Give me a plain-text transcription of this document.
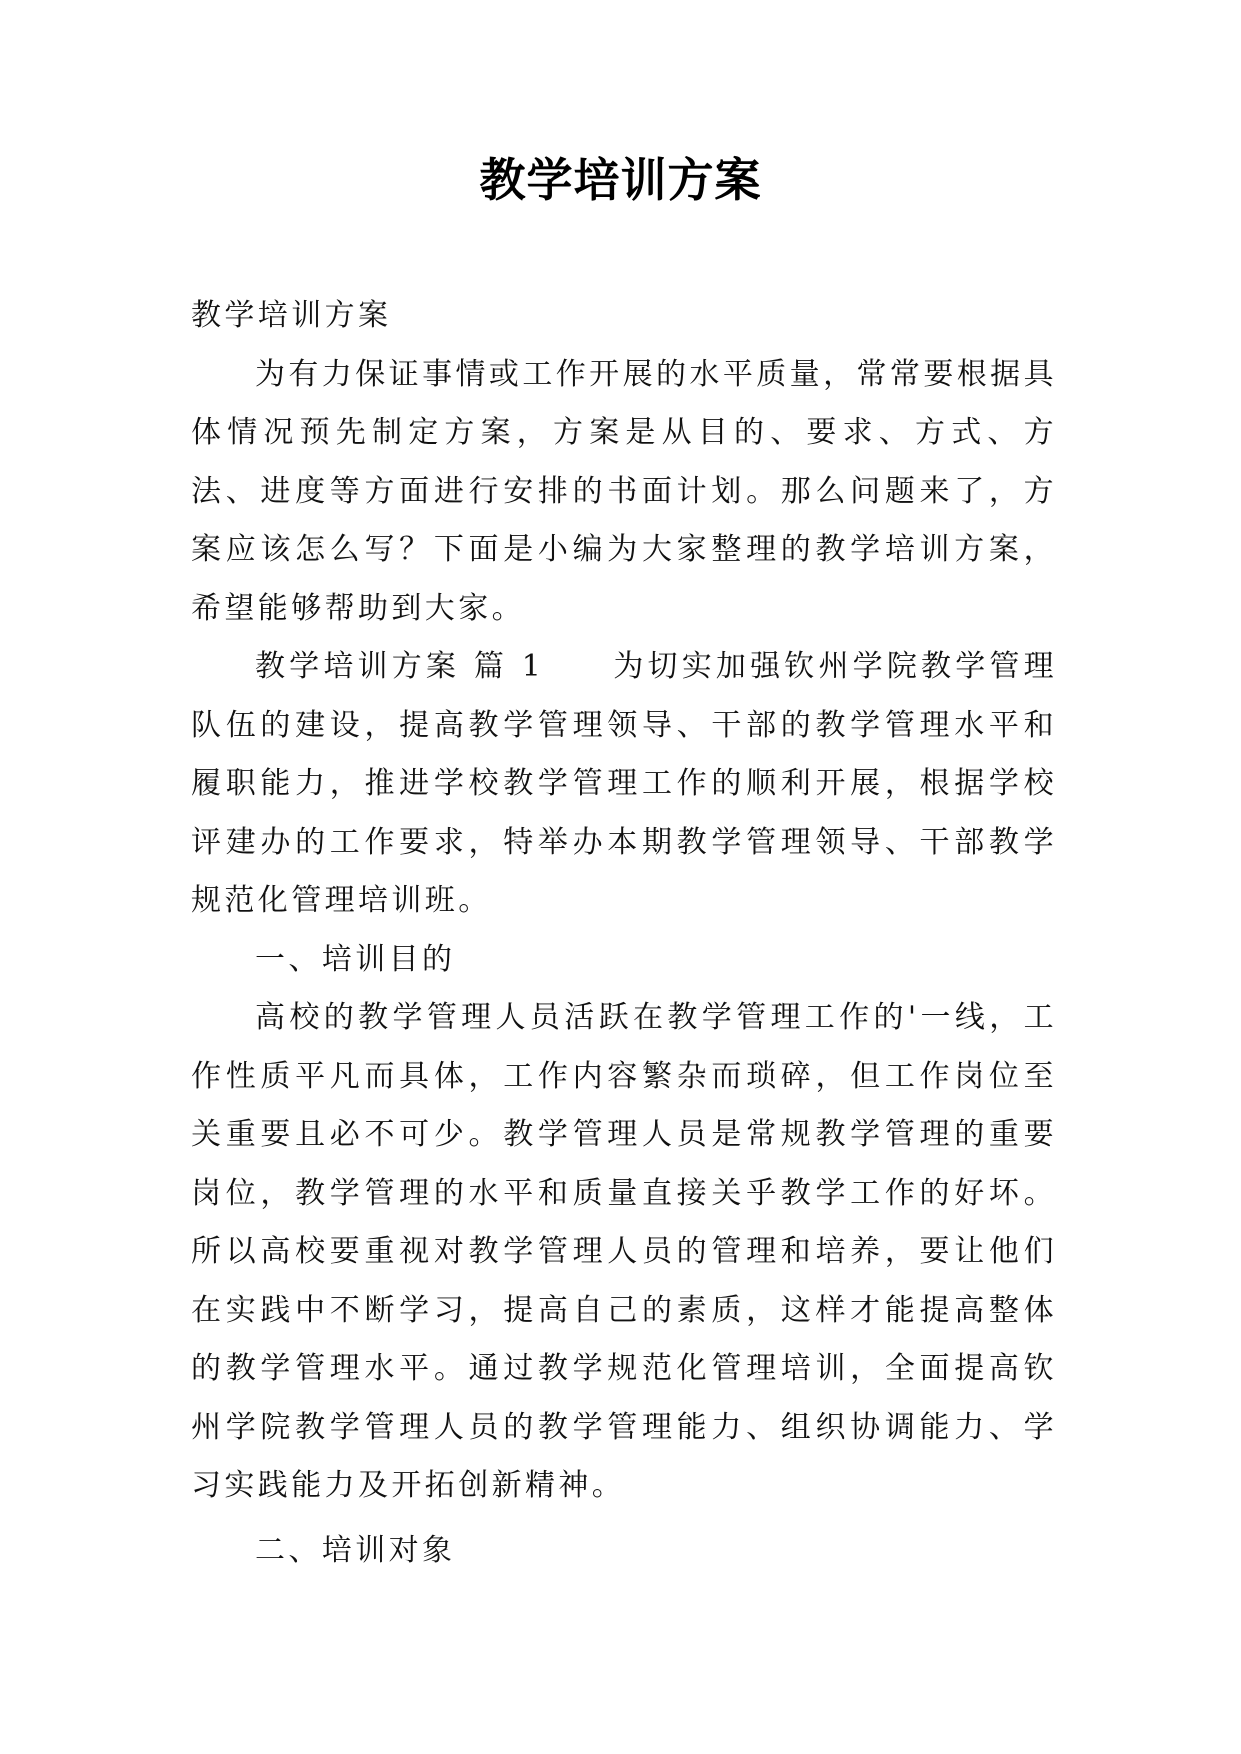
教学培训方案

教学培训方案

为有力保证事情或工作开展的水平质量，常常要根据具体情况预先制定方案，方案是从目的、要求、方式、方法、进度等方面进行安排的书面计划。那么问题来了，方案应该怎么写？下面是小编为大家整理的教学培训方案，希望能够帮助到大家。

教学培训方案 篇 1　　为切实加强钦州学院教学管理队伍的建设，提高教学管理领导、干部的教学管理水平和履职能力，推进学校教学管理工作的顺利开展，根据学校评建办的工作要求，特举办本期教学管理领导、干部教学规范化管理培训班。

一、培训目的

高校的教学管理人员活跃在教学管理工作的'一线，工作性质平凡而具体，工作内容繁杂而琐碎，但工作岗位至关重要且必不可少。教学管理人员是常规教学管理的重要岗位，教学管理的水平和质量直接关乎教学工作的好坏。所以高校要重视对教学管理人员的管理和培养，要让他们在实践中不断学习，提高自己的素质，这样才能提高整体的教学管理水平。通过教学规范化管理培训，全面提高钦州学院教学管理人员的教学管理能力、组织协调能力、学习实践能力及开拓创新精神。

二、培训对象
